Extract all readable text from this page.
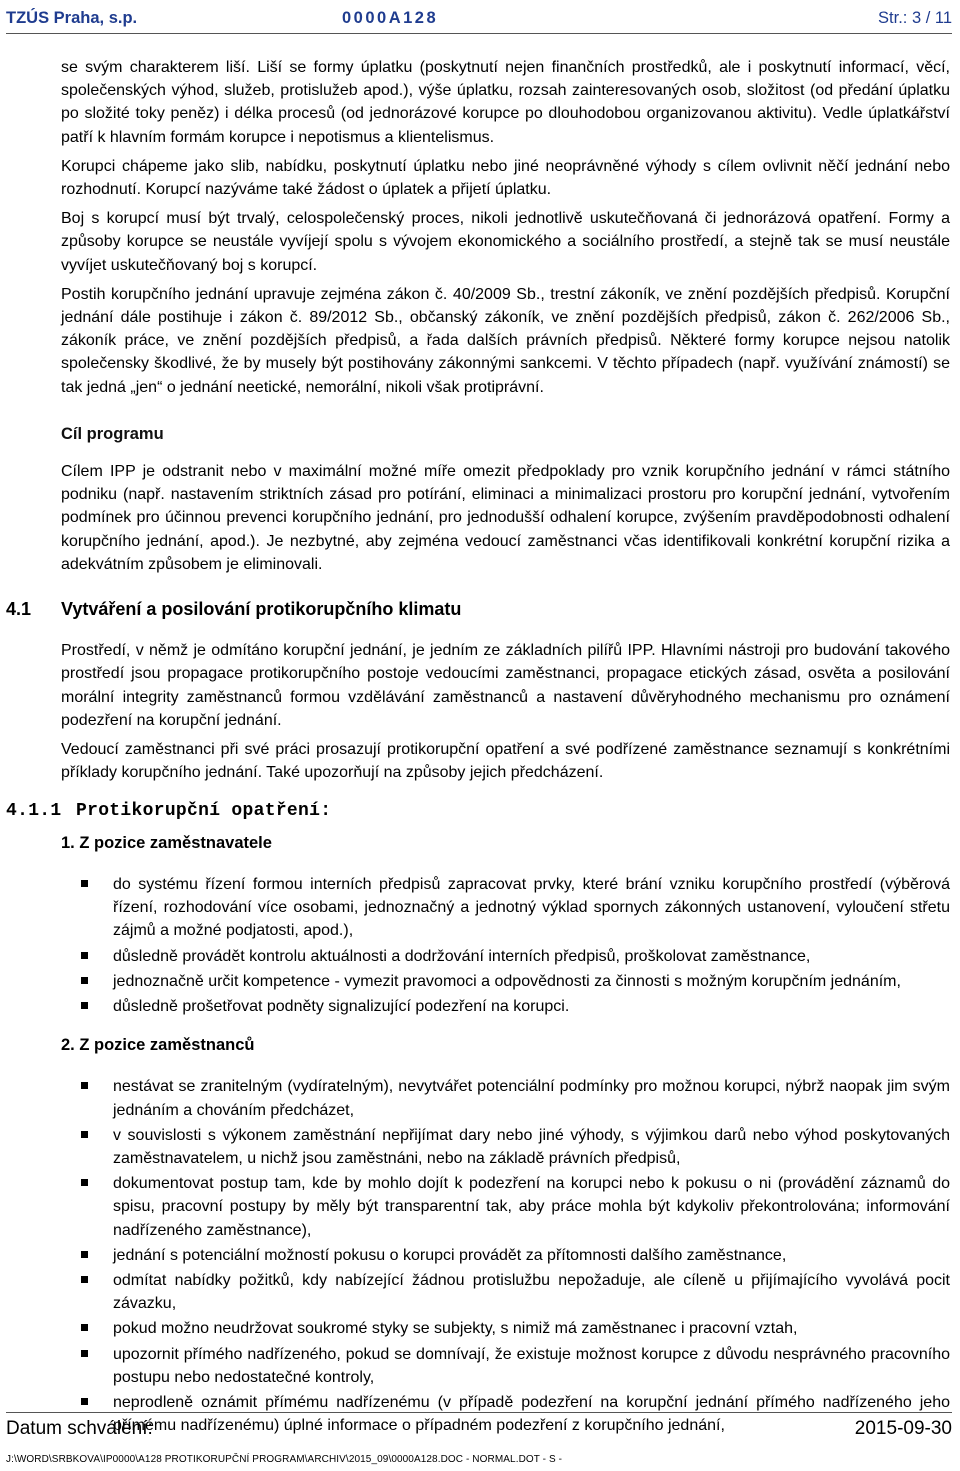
TZÚS Praha, s.p.	0000A128	Str.: 3 / 11

se svým charakterem liší. Liší se formy úplatku (poskytnutí nejen finančních prostředků, ale i poskytnutí informací, věcí, společenských výhod, služeb, protislužeb apod.), výše úplatku, rozsah zainteresovaných osob, složitost (od předání úplatku po složité toky peněz) i délka procesů (od jednorázové korupce po dlouhodobou organizovanou aktivitu). Vedle úplatkářství patří k hlavním formám korupce i nepotismus a klientelismus.

Korupci chápeme jako slib, nabídku, poskytnutí úplatku nebo jiné neoprávněné výhody s cílem ovlivnit něčí jednání nebo rozhodnutí. Korupcí nazýváme také žádost o úplatek a přijetí úplatku.

Boj s korupcí musí být trvalý, celospolečenský proces, nikoli jednotlivě uskutečňovaná či jednorázová opatření. Formy a způsoby korupce se neustále vyvíjejí spolu s vývojem ekonomického a sociálního prostředí, a stejně tak se musí neustále vyvíjet uskutečňovaný boj s korupcí.

Postih korupčního jednání upravuje zejména zákon č. 40/2009 Sb., trestní zákoník, ve znění pozdějších předpisů. Korupční jednání dále postihuje i zákon č. 89/2012 Sb., občanský zákoník, ve znění pozdějších předpisů, zákon č. 262/2006 Sb., zákoník práce, ve znění pozdějších předpisů, a řada dalších právních předpisů. Některé formy korupce nejsou natolik společensky škodlivé, že by musely být postihovány zákonnými sankcemi. V těchto případech (např. využívání známostí) se tak jedná „jen“ o jednání neetické, nemorální, nikoli však protiprávní.

Cíl programu

Cílem IPP je odstranit nebo v maximální možné míře omezit předpoklady pro vznik korupčního jednání v rámci státního podniku (např. nastavením striktních zásad pro potírání, eliminaci a minimalizaci prostoru pro korupční jednání, vytvořením podmínek pro účinnou prevenci korupčního jednání, pro jednodušší odhalení korupce, zvýšením pravděpodobnosti odhalení korupčního jednání, apod.). Je nezbytné, aby zejména vedoucí zaměstnanci včas identifikovali konkrétní korupční rizika a adekvátním způsobem je eliminovali.

4.1	Vytváření a posilování protikorupčního klimatu

Prostředí, v němž je odmítáno korupční jednání, je jedním ze základních pilířů IPP. Hlavními nástroji pro budování takového prostředí jsou propagace protikorupčního postoje vedoucími zaměstnanci, propagace etických zásad, osvěta a posilování morální integrity zaměstnanců formou vzdělávání zaměstnanců a nastavení důvěryhodného mechanismu pro oznámení podezření na korupční jednání.

Vedoucí zaměstnanci při své práci prosazují protikorupční opatření a své podřízené zaměstnance seznamují s konkrétními příklady korupčního jednání. Také upozorňují na způsoby jejich předcházení.

4.1.1 Protikorupční opatření:
1. Z pozice zaměstnavatele
do systému řízení formou interních předpisů zapracovat prvky, které brání vzniku korupčního prostředí (výběrová řízení, rozhodování více osobami, jednoznačný a jednotný výklad spornych zákonných ustanovení, vyloučení střetu zájmů a možné podjatosti, apod.),
důsledně provádět kontrolu aktuálnosti a dodržování interních předpisů, proškolovat zaměstnance,
jednoznačně určit kompetence - vymezit pravomoci a odpovědnosti za činnosti s možným korupčním jednáním,
důsledně prošetřovat podněty signalizující podezření na korupci.
2. Z pozice zaměstnanců
nestávat se zranitelným (vydíratelným), nevytvářet potenciální podmínky pro možnou korupci, nýbrž naopak jim svým jednáním a chováním předcházet,
v souvislosti s výkonem zaměstnání nepřijímat dary nebo jiné výhody, s výjimkou darů nebo výhod poskytovaných zaměstnavatelem, u nichž jsou zaměstnáni, nebo na základě právních předpisů,
dokumentovat postup tam, kde by mohlo dojít k podezření na korupci nebo k pokusu o ni (provádění záznamů do spisu, pracovní postupy by měly být transparentní tak, aby práce mohla být kdykoliv překontrolována; informování nadřízeného zaměstnance),
jednání s potenciální možností pokusu o korupci provádět za přítomnosti dalšího zaměstnance,
odmítat nabídky požitků, kdy nabízející žádnou protislužbu nepožaduje, ale cíleně u přijímajícího vyvolává pocit závazku,
pokud možno neudržovat soukromé styky se subjekty, s nimiž má zaměstnanec i pracovní vztah,
upozornit přímého nadřízeného, pokud se domnívají, že existuje možnost korupce z důvodu nesprávného pracovního postupu nebo nedostatečné kontroly,
neprodleně oznámit přímému nadřízenému (v případě podezření na korupční jednání přímého nadřízeného jeho přímému nadřízenému) úplné informace o případném podezření z korupčního jednání,
Datum schválení:	2015-09-30
J:\WORD\SRBKOVA\IP0000\A128 PROTIKORUPČNÍ PROGRAM\ARCHIV\2015_09\0000A128.DOC - NORMAL.DOT - S -
